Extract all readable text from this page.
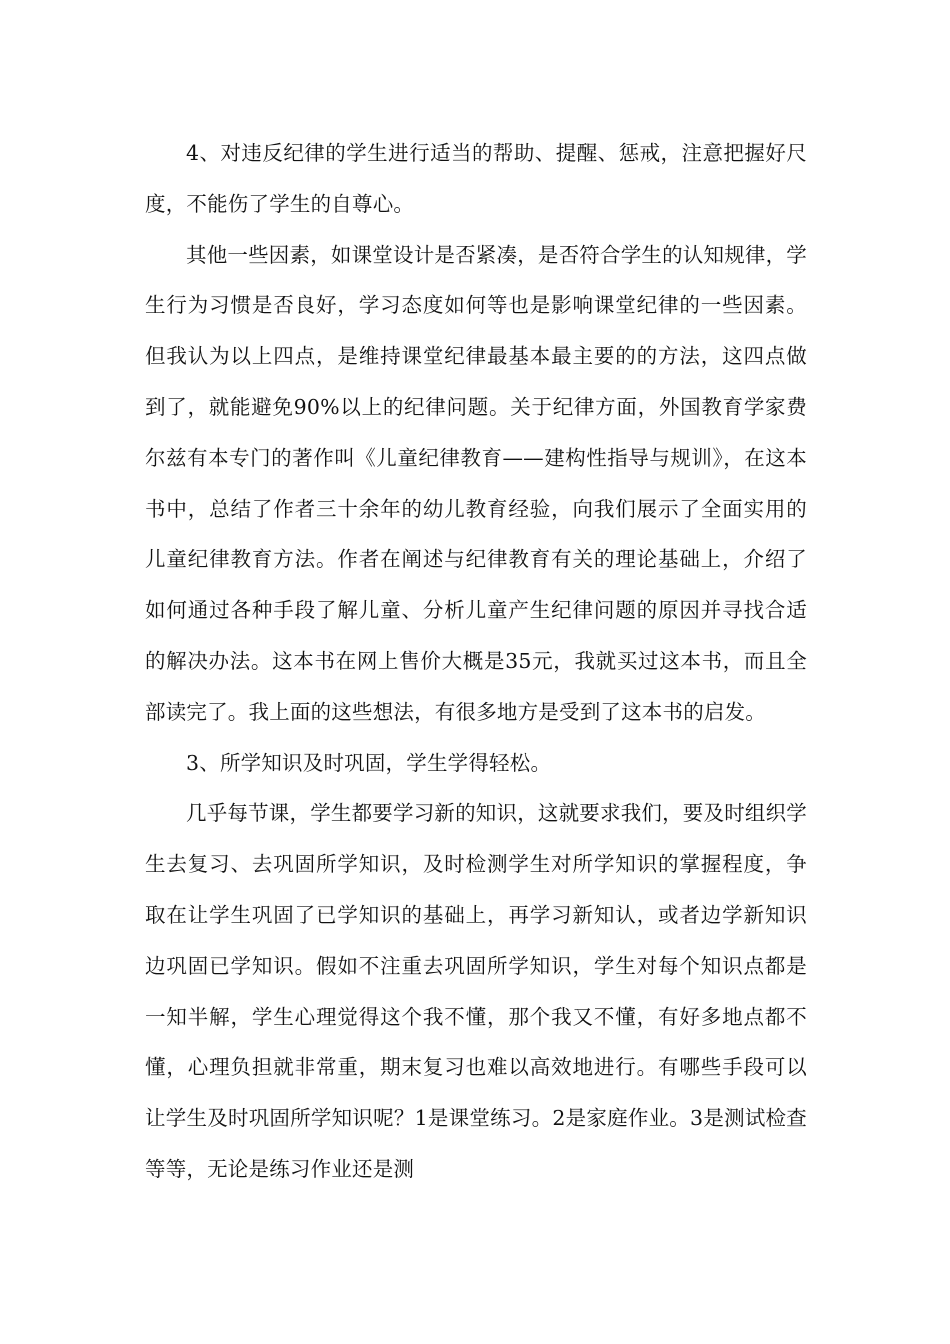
4、对违反纪律的学生进行适当的帮助、提醒、惩戒，注意把握好尺度，不能伤了学生的自尊心。

其他一些因素，如课堂设计是否紧凑，是否符合学生的认知规律，学生行为习惯是否良好，学习态度如何等也是影响课堂纪律的一些因素。但我认为以上四点，是维持课堂纪律最基本最主要的的方法，这四点做到了，就能避免90%以上的纪律问题。关于纪律方面，外国教育学家费尔兹有本专门的著作叫《儿童纪律教育——建构性指导与规训》，在这本书中，总结了作者三十余年的幼儿教育经验，向我们展示了全面实用的儿童纪律教育方法。作者在阐述与纪律教育有关的理论基础上，介绍了如何通过各种手段了解儿童、分析儿童产生纪律问题的原因并寻找合适的解决办法。这本书在网上售价大概是35元，我就买过这本书，而且全部读完了。我上面的这些想法，有很多地方是受到了这本书的启发。

3、所学知识及时巩固，学生学得轻松。

几乎每节课，学生都要学习新的知识，这就要求我们，要及时组织学生去复习、去巩固所学知识，及时检测学生对所学知识的掌握程度，争取在让学生巩固了已学知识的基础上，再学习新知认，或者边学新知识边巩固已学知识。假如不注重去巩固所学知识，学生对每个知识点都是一知半解，学生心理觉得这个我不懂，那个我又不懂，有好多地点都不懂，心理负担就非常重，期末复习也难以高效地进行。有哪些手段可以让学生及时巩固所学知识呢？1是课堂练习。2是家庭作业。3是测试检查等等，无论是练习作业还是测
